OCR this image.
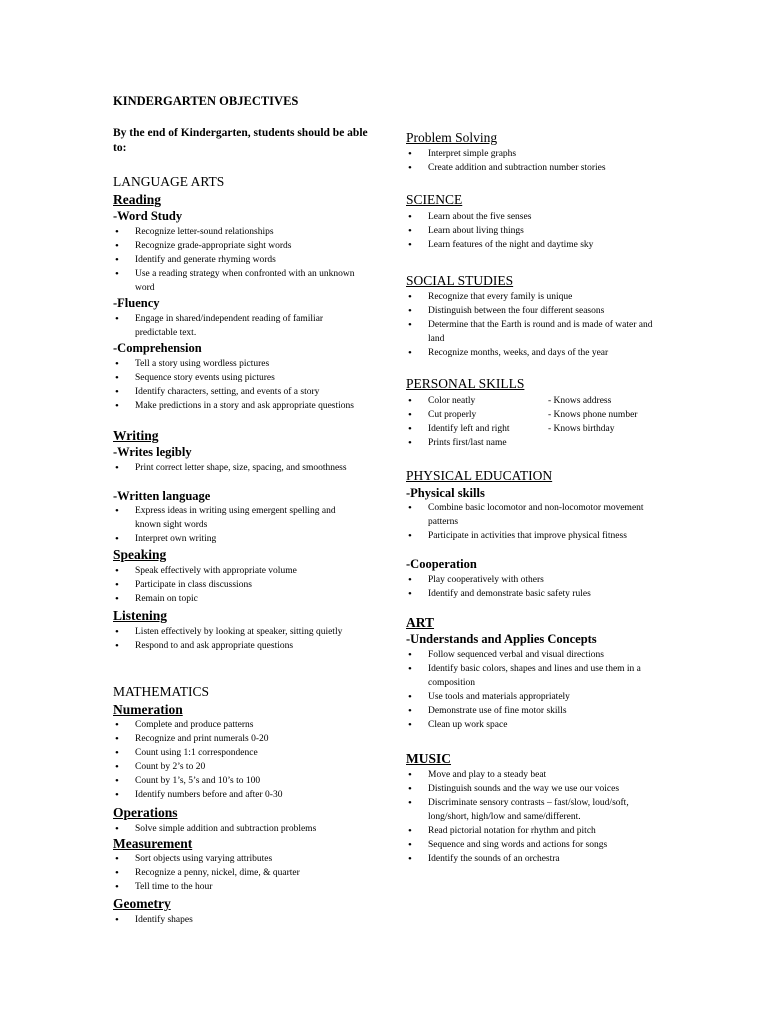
KINDERGARTEN OBJECTIVES

By the end of Kindergarten, students should be able to:

LANGUAGE ARTS

Reading

-Word Study

• Recognize letter-sound relationships
• Recognize grade-appropriate sight words
• Identify and generate rhyming words
• Use a reading strategy when confronted with an unknown word

-Fluency

• Engage in shared/independent reading of familiar predictable text.

-Comprehension

• Tell a story using wordless pictures
• Sequence story events using pictures
• Identify characters, setting, and events of a story
• Make predictions in a story and ask appropriate questions

Writing

-Writes legibly

• Print correct letter shape, size, spacing, and smoothness

-Written language

• Express ideas in writing using emergent spelling and known sight words
• Interpret own writing

Speaking

• Speak effectively with appropriate volume
• Participate in class discussions
• Remain on topic

Listening

• Listen effectively by looking at speaker, sitting quietly
• Respond to and ask appropriate questions

MATHEMATICS

Numeration

• Complete and produce patterns
• Recognize and print numerals 0-20
• Count using 1:1 correspondence
• Count by 2’s to 20
• Count by 1’s, 5’s and 10’s to 100
• Identify numbers before and after 0-30

Operations

• Solve simple addition and subtraction problems

Measurement

• Sort objects using varying attributes
• Recognize a penny, nickel, dime, & quarter
• Tell time to the hour

Geometry

• Identify shapes

Problem Solving

• Interpret simple graphs
• Create addition and subtraction number stories

SCIENCE

• Learn about the five senses
• Learn about living things
• Learn features of the night and daytime sky

SOCIAL STUDIES

• Recognize that every family is unique
• Distinguish between the four different seasons
• Determine that the Earth is round and is made of water and land
• Recognize months, weeks, and days of the year

PERSONAL SKILLS

• Color neatly	- Knows address
• Cut properly	- Knows phone number
• Identify left and right	- Knows birthday
• Prints first/last name

PHYSICAL EDUCATION

-Physical skills

• Combine basic locomotor and non-locomotor movement patterns
• Participate in activities that improve physical fitness

-Cooperation

• Play cooperatively with others
• Identify and demonstrate basic safety rules

ART

-Understands and Applies Concepts

• Follow sequenced verbal and visual directions
• Identify basic colors, shapes and lines and use them in a composition
• Use tools and materials appropriately
• Demonstrate use of fine motor skills
• Clean up work space

MUSIC

• Move and play to a steady beat
• Distinguish sounds and the way we use our voices
• Discriminate sensory contrasts – fast/slow, loud/soft, long/short, high/low and same/different.
• Read pictorial notation for rhythm and pitch
• Sequence and sing words and actions for songs
• Identify the sounds of an orchestra
